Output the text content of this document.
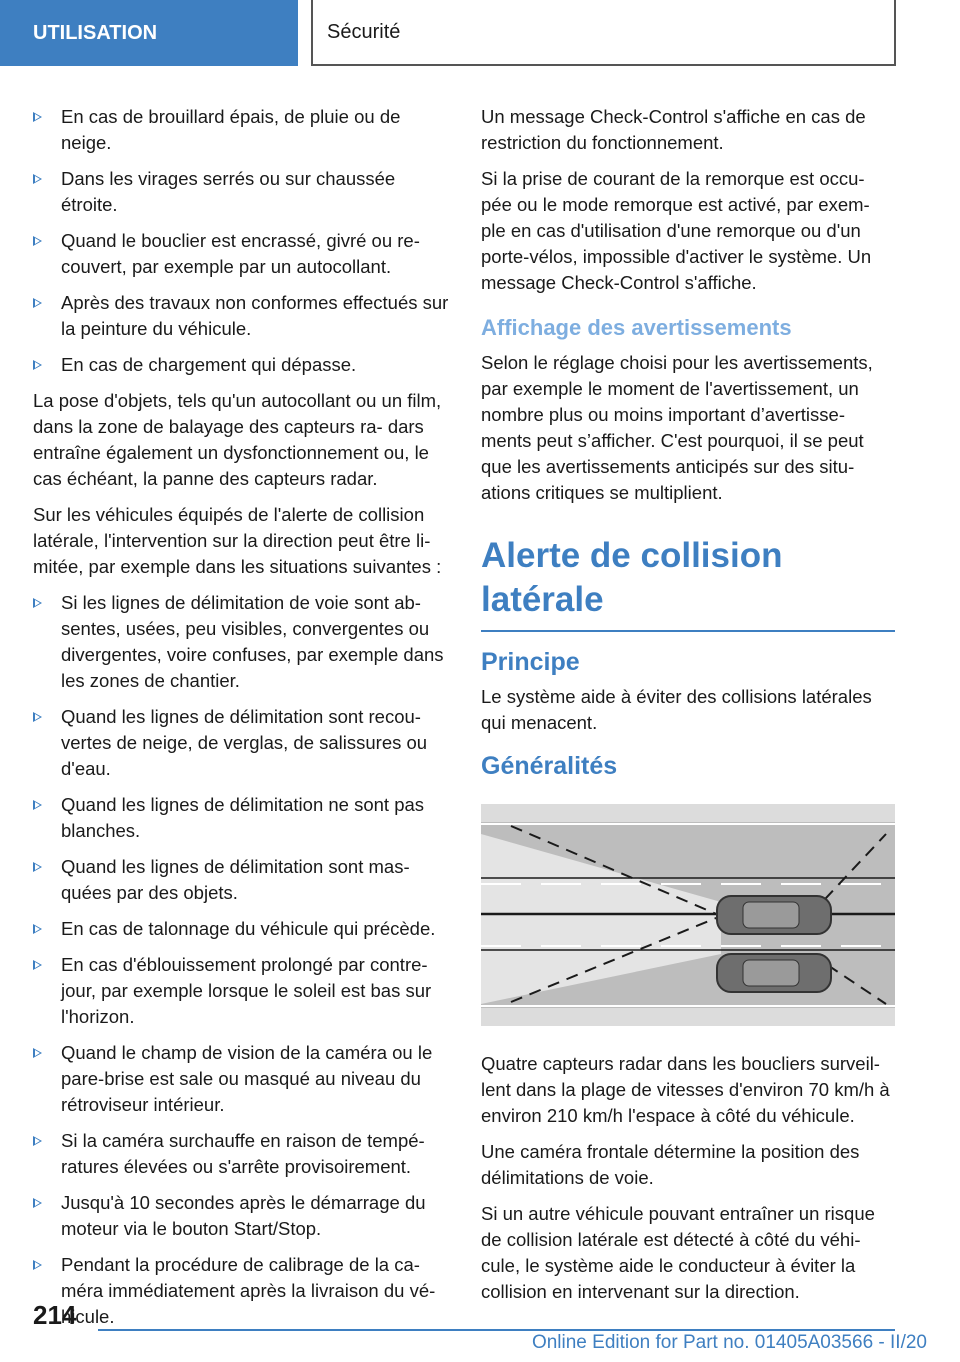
UTILISATION	Sécurité
En cas de brouillard épais, de pluie ou de neige.
Dans les virages serrés ou sur chaussée étroite.
Quand le bouclier est encrassé, givré ou re- couvert, par exemple par un autocollant.
Après des travaux non conformes effectués sur la peinture du véhicule.
En cas de chargement qui dépasse.

La pose d'objets, tels qu'un autocollant ou un film, dans la zone de balayage des capteurs ra- dars entraîne également un dysfonctionnement ou, le cas échéant, la panne des capteurs radar.

Sur les véhicules équipés de l'alerte de collision latérale, l'intervention sur la direction peut être li- mitée, par exemple dans les situations suivantes :

Si les lignes de délimitation de voie sont ab- sentes, usées, peu visibles, convergentes ou divergentes, voire confuses, par exemple dans les zones de chantier.
Quand les lignes de délimitation sont recou- vertes de neige, de verglas, de salissures ou d'eau.
Quand les lignes de délimitation ne sont pas blanches.
Quand les lignes de délimitation sont mas- quées par des objets.
En cas de talonnage du véhicule qui précède.
En cas d'éblouissement prolongé par contre- jour, par exemple lorsque le soleil est bas sur l'horizon.
Quand le champ de vision de la caméra ou le pare-brise est sale ou masqué au niveau du rétroviseur intérieur.
Si la caméra surchauffe en raison de tempé- ratures élevées ou s'arrête provisoirement.
Jusqu'à 10 secondes après le démarrage du moteur via le bouton Start/Stop.
Pendant la procédure de calibrage de la ca- méra immédiatement après la livraison du vé- hicule.

Un message Check-Control s'affiche en cas de restriction du fonctionnement.

Si la prise de courant de la remorque est occu- pée ou le mode remorque est activé, par exem- ple en cas d'utilisation d'une remorque ou d'un porte-vélos, impossible d'activer le système. Un message Check-Control s'affiche.

Affichage des avertissements

Selon le réglage choisi pour les avertissements, par exemple le moment de l'avertissement, un nombre plus ou moins important d’avertisse- ments peut s’afficher. C'est pourquoi, il se peut que les avertissements anticipés sur des situ- ations critiques se multiplient.

Alerte de collision latérale
Principe

Le système aide à éviter des collisions latérales qui menacent.

Généralités

Quatre capteurs radar dans les boucliers surveil- lent dans la plage de vitesses d'environ 70 km/h à environ 210 km/h l'espace à côté du véhicule.

Une caméra frontale détermine la position des délimitations de voie.

Si un autre véhicule pouvant entraîner un risque de collision latérale est détecté à côté du véhi- cule, le système aide le conducteur à éviter la collision en intervenant sur la direction.

214
Online Edition for Part no. 01405A03566 - II/20
